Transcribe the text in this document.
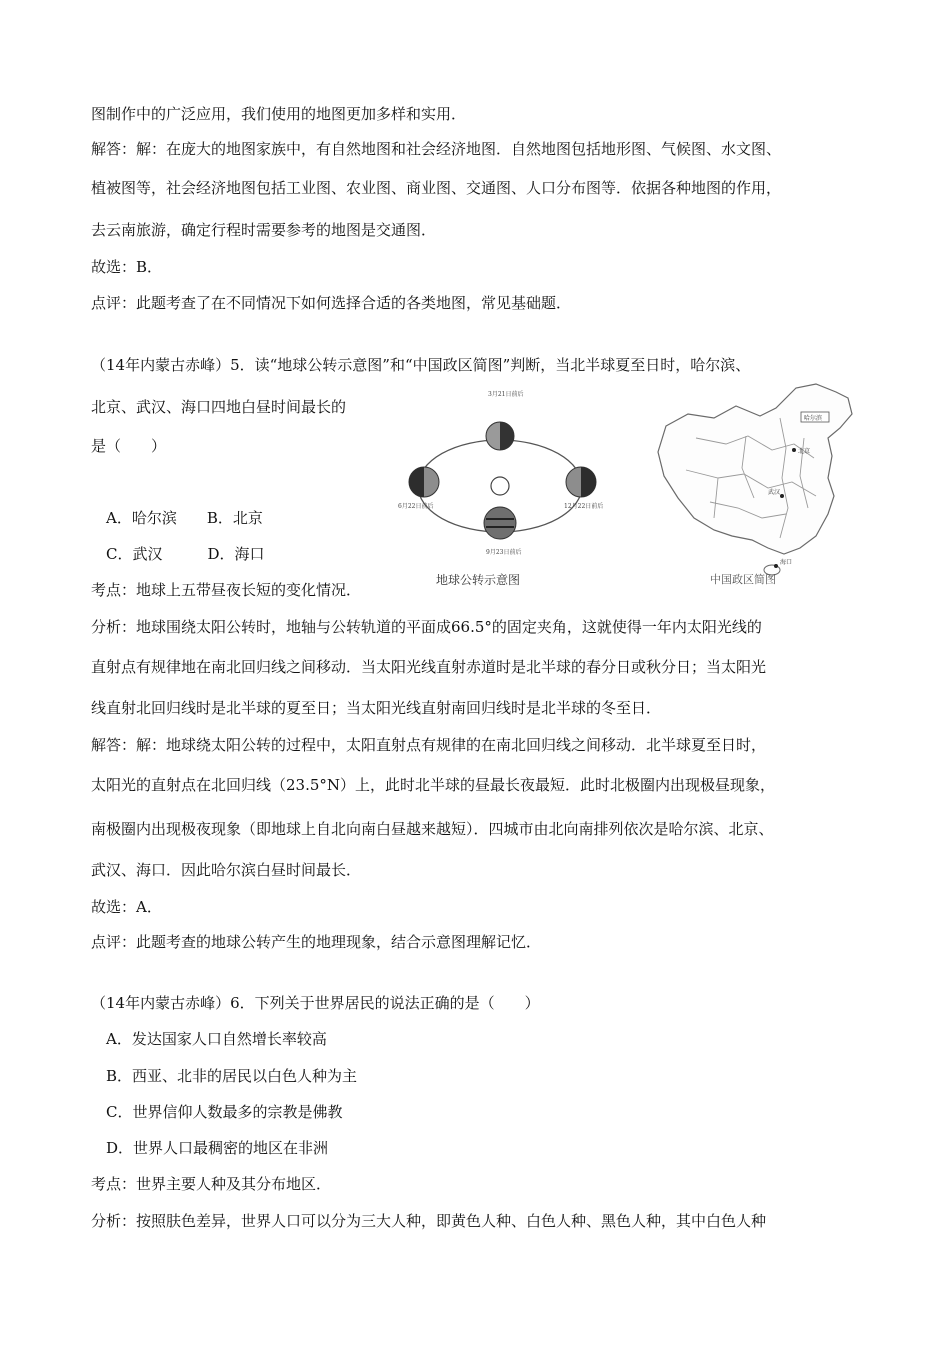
图制作中的广泛应用，我们使用的地图更加多样和实用．
解答：解：在庞大的地图家族中，有自然地图和社会经济地图．自然地图包括地形图、气候图、水文图、
植被图等，社会经济地图包括工业图、农业图、商业图、交通图、人口分布图等．依据各种地图的作用，
去云南旅游，确定行程时需要参考的地图是交通图．
故选：B．
点评：此题考查了在不同情况下如何选择合适的各类地图，常见基础题．
（14年内蒙古赤峰）5．读“地球公转示意图”和“中国政区简图”判断，当北半球夏至日时，哈尔滨、
北京、武汉、海口四地白昼时间最长的
是（　　）
A．哈尔滨　　B．北京
C．武汉　　　D．海口
考点：地球上五带昼夜长短的变化情况．
分析：地球围绕太阳公转时，地轴与公转轨道的平面成66.5°的固定夹角，这就使得一年内太阳光线的
直射点有规律地在南北回归线之间移动．当太阳光线直射赤道时是北半球的春分日或秋分日；当太阳光
线直射北回归线时是北半球的夏至日；当太阳光线直射南回归线时是北半球的冬至日．
解答：解：地球绕太阳公转的过程中，太阳直射点有规律的在南北回归线之间移动．北半球夏至日时，
太阳光的直射点在北回归线（23.5°N）上，此时北半球的昼最长夜最短．此时北极圈内出现极昼现象，
南极圈内出现极夜现象（即地球上自北向南白昼越来越短）．四城市由北向南排列依次是哈尔滨、北京、
武汉、海口．因此哈尔滨白昼时间最长．
故选：A．
点评：此题考查的地球公转产生的地理现象，结合示意图理解记忆．
（14年内蒙古赤峰）6．下列关于世界居民的说法正确的是（　　）
A．发达国家人口自然增长率较高
B．西亚、北非的居民以白色人种为主
C．世界信仰人数最多的宗教是佛教
D．世界人口最稠密的地区在非洲
考点：世界主要人种及其分布地区．
分析：按照肤色差异，世界人口可以分为三大人种，即黄色人种、白色人种、黑色人种，其中白色人种
3月21日前后
6月22日前后	12月22日前后
9月23日前后
地球公转示意图
哈尔滨
北京
武汉
海口
中国政区简图
